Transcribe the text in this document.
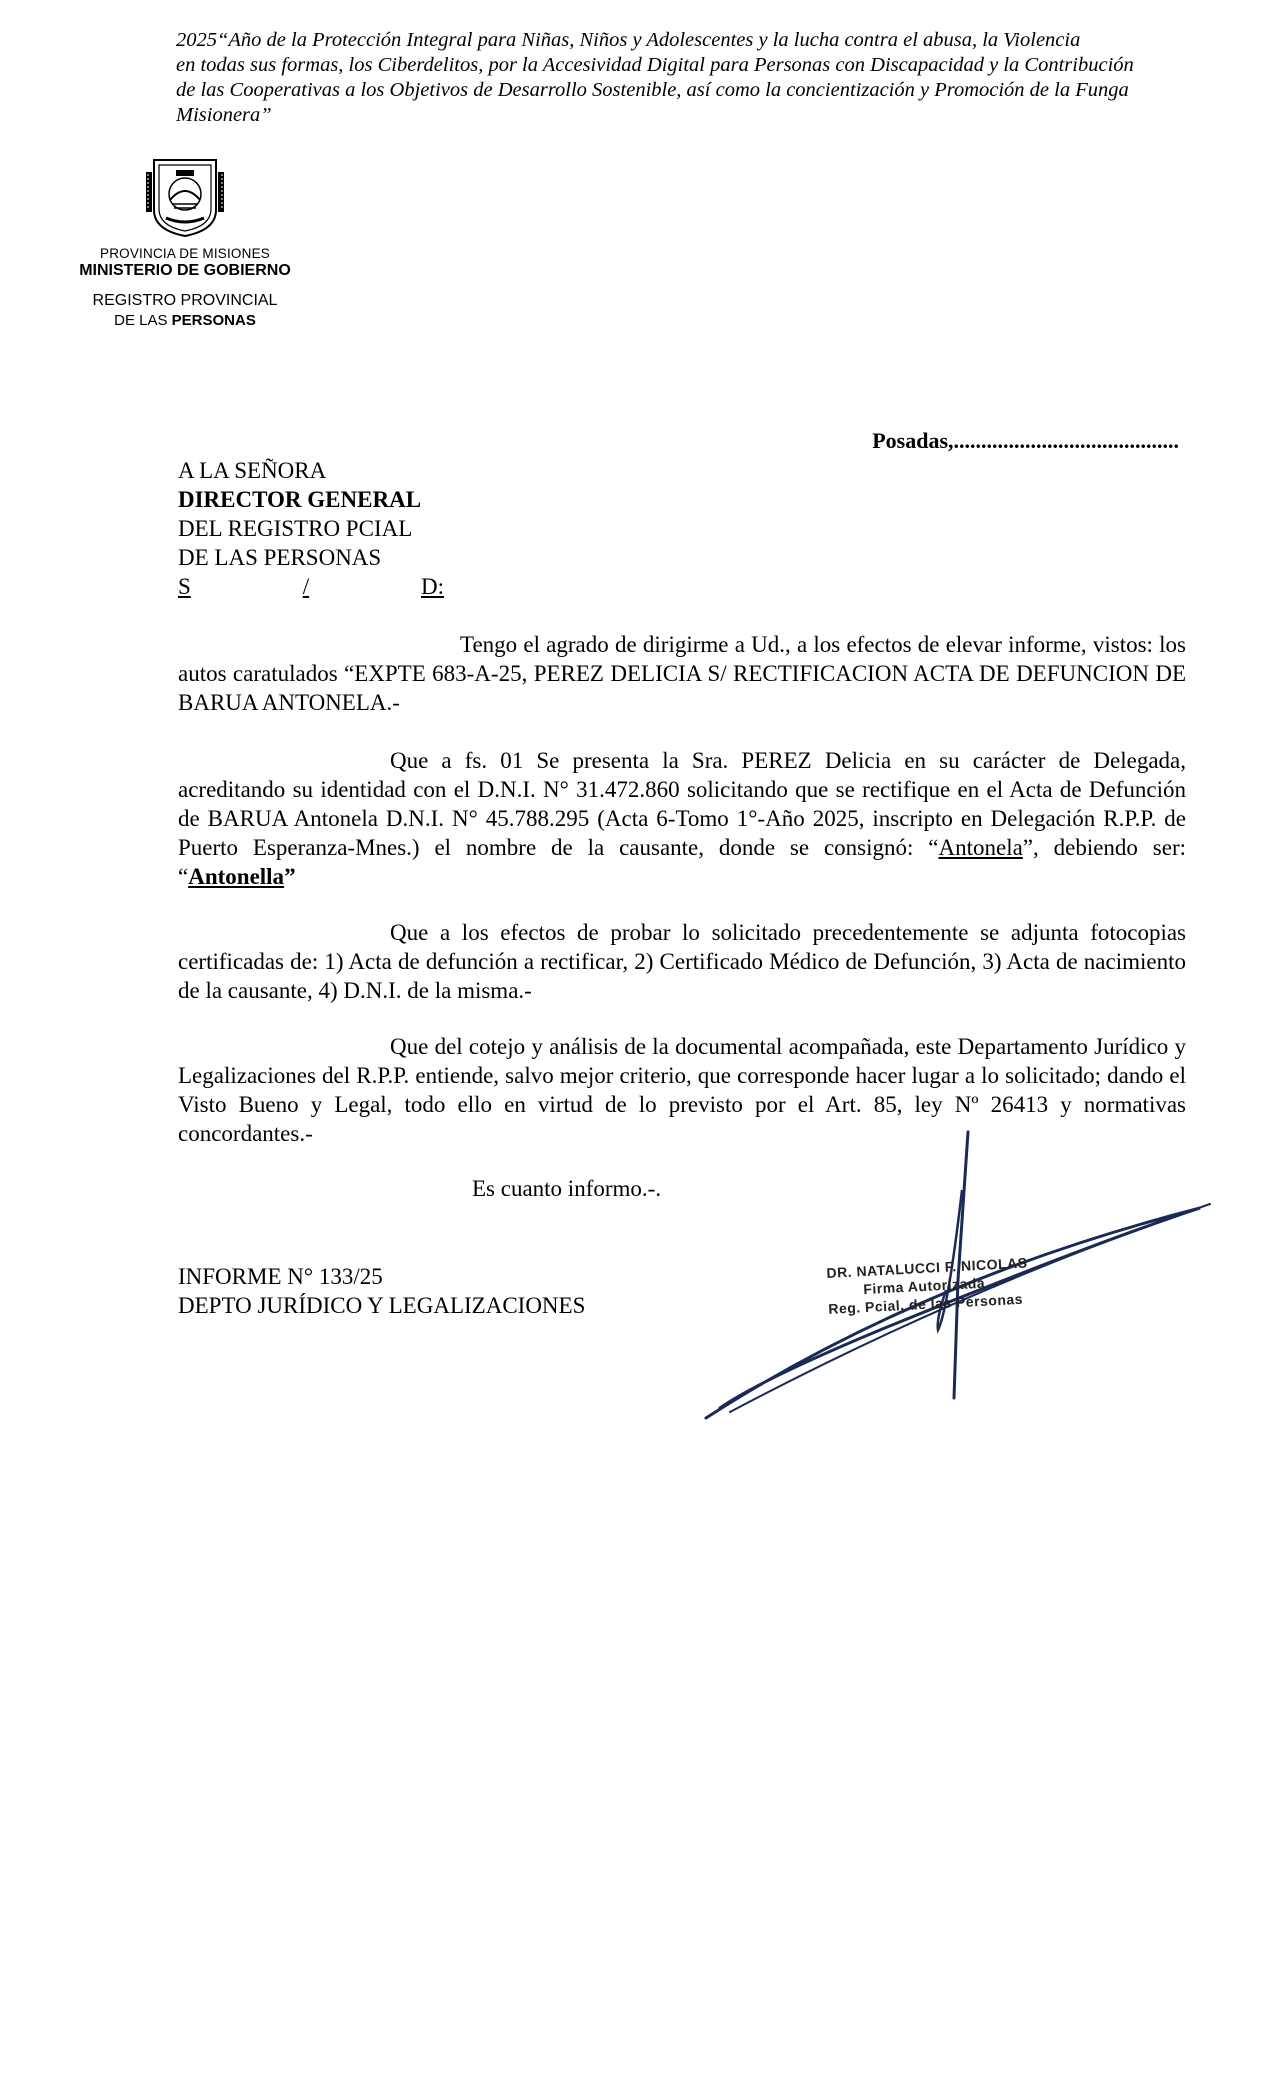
2025“Año de la Protección Integral para Niñas, Niños y Adolescentes y la lucha contra el abusa, la Violencia
en todas sus formas, los Ciberdelitos, por la Accesividad Digital para Personas con Discapacidad y la Contribución
de las Cooperativas a los Objetivos de Desarrollo Sostenible, así como la concientización y Promoción de la Funga
Misionera”
PROVINCIA DE MISIONES
MINISTERIO DE GOBIERNO
REGISTRO PROVINCIAL
DE LAS PERSONAS
Posadas,.........................................
A LA SEÑORA
DIRECTOR GENERAL
DEL REGISTRO PCIAL
DE LAS PERSONAS
S	/	D:

Tengo el agrado de dirigirme a Ud., a los efectos de elevar informe, vistos: los autos caratulados “EXPTE 683-A-25, PEREZ DELICIA S/ RECTIFICACION ACTA DE DEFUNCION DE BARUA ANTONELA.-

Que a fs. 01 Se presenta la Sra. PEREZ Delicia en su carácter de Delegada, acreditando su identidad con el D.N.I. N° 31.472.860 solicitando que se rectifique en el Acta de Defunción de BARUA Antonela D.N.I. N° 45.788.295 (Acta 6-Tomo 1°-Año 2025, inscripto en Delegación R.P.P. de Puerto Esperanza-Mnes.) el nombre de la causante, donde se consignó: “Antonela”, debiendo ser: “Antonella”

Que a los efectos de probar lo solicitado precedentemente se adjunta fotocopias certificadas de: 1) Acta de defunción a rectificar, 2) Certificado Médico de Defunción, 3) Acta de nacimiento de la causante, 4) D.N.I. de la misma.-

Que del cotejo y análisis de la documental acompañada, este Departamento Jurídico y Legalizaciones del R.P.P. entiende, salvo mejor criterio, que corresponde hacer lugar a lo solicitado; dando el Visto Bueno y Legal, todo ello en virtud de lo previsto por el Art. 85, ley Nº 26413 y normativas concordantes.-

Es cuanto informo.-.
INFORME N° 133/25
DEPTO JURÍDICO Y LEGALIZACIONES
DR. NATALUCCI F. NICOLAS
Firma Autorizada
Reg. Pcial. de las Personas
